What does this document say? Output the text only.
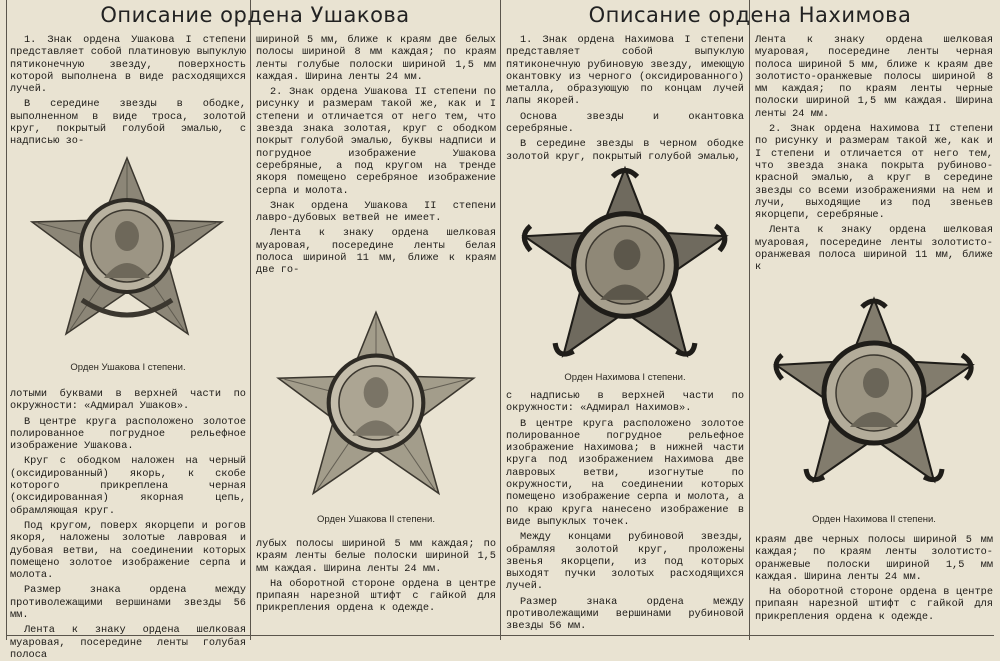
Описание ордена Ушакова	Описание ордена Нахимова

1. Знак ордена Ушакова I степени представляет собой платиновую выпуклую пятиконечную звезду, поверхность которой выполнена в виде расходящихся лучей.

В середине звезды в ободке, выполненном в виде троса, золотой круг, покрытый голубой эмалью, с надписью зо-

Орден Ушакова I степени.

лотыми буквами в верхней части по окружности: «Адмирал Ушаков».

В центре круга расположено золотое полированное погрудное рельефное изображение Ушакова.

Круг с ободком наложен на черный (оксидированный) якорь, к скобе которого прикреплена черная (оксидированная) якорная цепь, обрамляющая круг.

Под кругом, поверх якорцепи и рогов якоря, наложены золотые лавровая и дубовая ветви, на соединении которых помещено золотое изображение серпа и молота.

Размер знака ордена между противолежащими вершинами звезды 56 мм.

Лента к знаку ордена шелковая муаровая, посередине ленты голубая полоса

шириной 5 мм, ближе к краям две белых полосы шириной 8 мм каждая; по краям ленты голубые полоски шириной 1,5 мм каждая. Ширина ленты 24 мм.

2. Знак ордена Ушакова II степени по рисунку и размерам такой же, как и I степени и отличается от него тем, что звезда знака золотая, круг с ободком покрыт голубой эмалью, буквы надписи и погрудное изображение Ушакова серебряные, а под кругом на тренде якоря помещено серебряное изображение серпа и молота.

Знак ордена Ушакова II степени лавро-дубовых ветвей не имеет.

Лента к знаку ордена шелковая муаровая, посередине ленты белая полоса шириной 11 мм, ближе к краям две го-

Орден Ушакова II степени.

лубых полосы шириной 5 мм каждая; по краям ленты белые полоски шириной 1,5 мм каждая. Ширина ленты 24 мм.

На оборотной стороне ордена в центре припаян нарезной штифт с гайкой для прикрепления ордена к одежде.

1. Знак ордена Нахимова I степени представляет собой выпуклую пятиконечную рубиновую звезду, имеющую окантовку из черного (оксидированного) металла, образующую по концам лучей лапы якорей.

Основа звезды и окантовка серебряные.

В середине звезды в черном ободке золотой круг, покрытый голубой эмалью,

Орден Нахимова I степени.

с надписью в верхней части по окружности: «Адмирал Нахимов».

В центре круга расположено золотое полированное погрудное рельефное изображение Нахимова; в нижней части круга под изображением Нахимова две лавровых ветви, изогнутые по окружности, на соединении которых помещено изображение серпа и молота, а по краю круга нанесено изображение в виде выпуклых точек.

Между концами рубиновой звезды, обрамляя золотой круг, проложены звенья якорцепи, из под которых выходят пучки золотых расходящихся лучей.

Размер знака ордена между противолежащими вершинами рубиновой звезды 56 мм.

Лента к знаку ордена шелковая муаровая, посередине ленты черная полоса шириной 5 мм, ближе к краям две золотисто-оранжевые полосы шириной 8 мм каждая; по краям ленты черные полоски шириной 1,5 мм каждая. Ширина ленты 24 мм.

2. Знак ордена Нахимова II степени по рисунку и размерам такой же, как и I степени и отличается от него тем, что звезда знака покрыта рубиново-красной эмалью, а круг в середине звезды со всеми изображениями на нем и лучи, выходящие из под звеньев якорцепи, серебряные.

Лента к знаку ордена шелковая муаровая, посередине ленты золотисто-оранжевая полоса шириной 11 мм, ближе к

Орден Нахимова II степени.

краям две черных полосы шириной 5 мм каждая; по краям ленты золотисто-оранжевые полоски шириной 1,5 мм каждая. Ширина ленты 24 мм.

На оборотной стороне ордена в центре припаян нарезной штифт с гайкой для прикрепления ордена к одежде.
